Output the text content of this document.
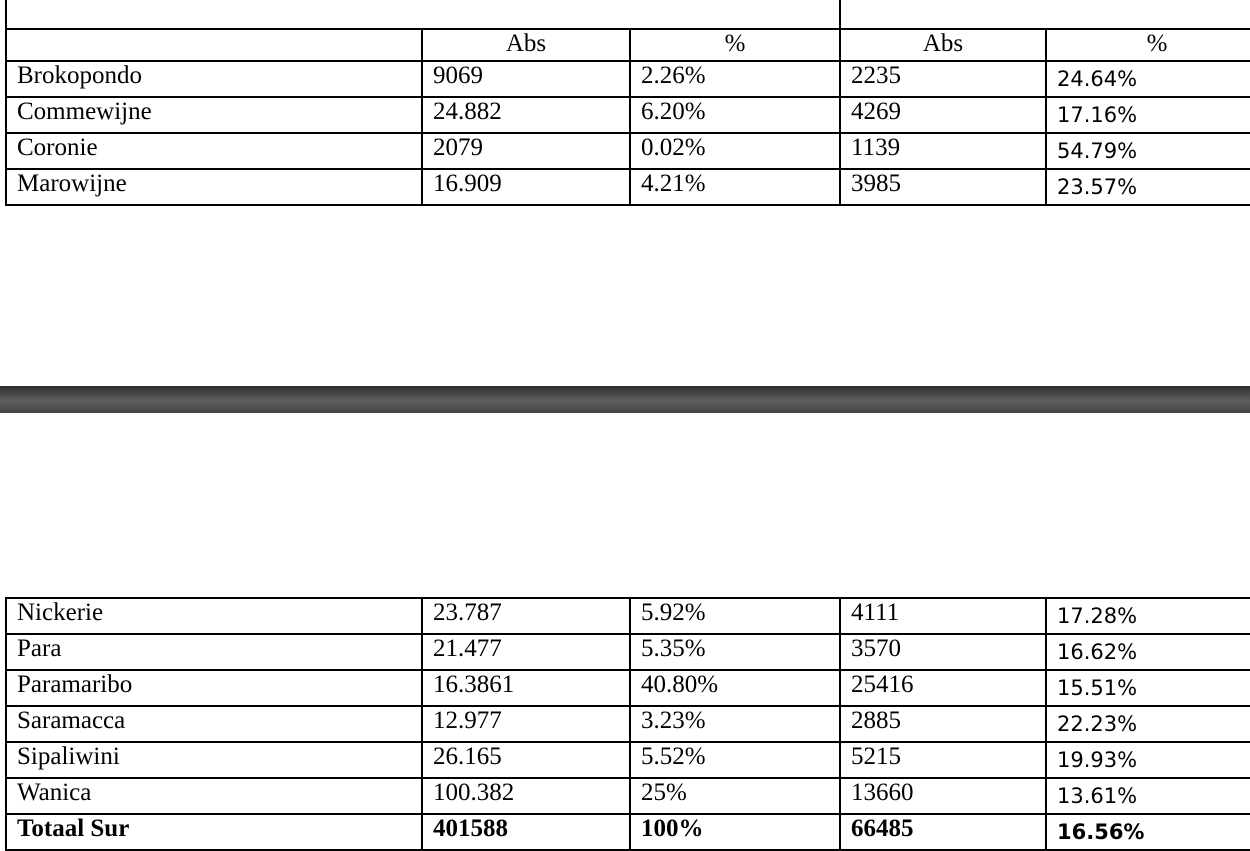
	Abs	%	Abs	%
Brokopondo	9069	2.26%	2235	24.64%
Commewijne	24.882	6.20%	4269	17.16%
Coronie	2079	0.02%	1139	54.79%
Marowijne	16.909	4.21%	3985	23.57%
Nickerie	23.787	5.92%	4111	17.28%
Para	21.477	5.35%	3570	16.62%
Paramaribo	16.3861	40.80%	25416	15.51%
Saramacca	12.977	3.23%	2885	22.23%
Sipaliwini	26.165	5.52%	5215	19.93%
Wanica	100.382	25%	13660	13.61%
Totaal Sur	401588	100%	66485	16.56%
